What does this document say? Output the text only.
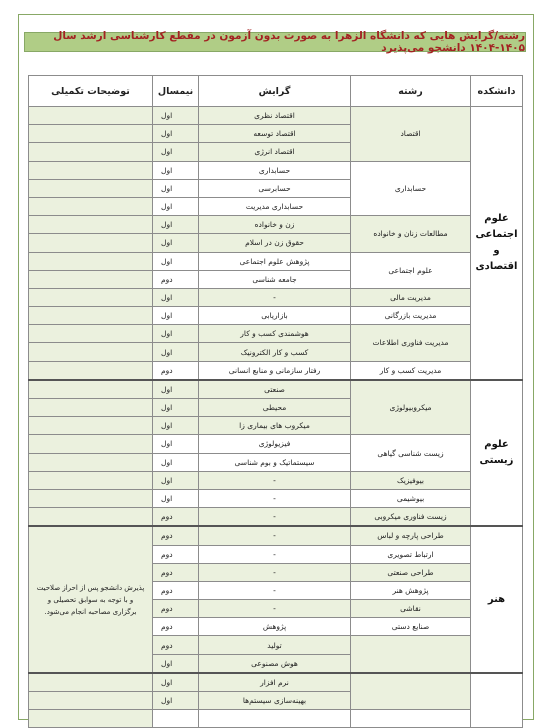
رشته/گرایش هایی که دانشگاه الزهرا به صورت بدون آزمون در مقطع کارشناسی ارشد سال ۱۴۰۵-۱۴۰۴ دانشجو می‌پذیرد
دانشکده	رشته	گرایش	نیمسال	توضیحات تکمیلی
علوم اجتماعی و اقتصادی	اقتصاد	اقتصاد نظری	اول	
		اقتصاد توسعه	اول	
		اقتصاد انرژی	اول	
	حسابداری	حسابداری	اول	
		حسابرسی	اول	
		حسابداری مدیریت	اول	
	مطالعات زنان و خانواده	زن و خانواده	اول	
		حقوق زن در اسلام	اول	
	علوم اجتماعی	پژوهش علوم اجتماعی	اول	
		جامعه شناسی	دوم	
	مدیریت مالی	-	اول	
	مدیریت بازرگانی	بازاریابی	اول	
	مدیریت فناوری اطلاعات	هوشمندی کسب و کار	اول	
		کسب و کار الکترونیک	اول	
	مدیریت کسب و کار	رفتار سازمانی و منابع انسانی	دوم	
علوم زیستی	میکروبیولوژی	صنعتی	اول	
		محیطی	اول	
		میکروب های بیماری زا	اول	
	زیست شناسی گیاهی	فیزیولوژی	اول	
		سیستماتیک و بوم شناسی	اول	
	بیوفیزیک	-	اول	
	بیوشیمی	-	اول	
	زیست فناوری میکروبی	-	دوم	
هنر	طراحی پارچه و لباس	-	دوم	پذیرش دانشجو پس از احراز صلاحیت و با توجه به سوابق تحصیلی و برگزاری مصاحبه انجام می‌شود.
	ارتباط تصویری	-	دوم	
	طراحی صنعتی	-	دوم	
	پژوهش هنر	-	دوم	
	نقاشی	-	دوم	
	صنایع دستی	پژوهش	دوم	
		تولید	دوم	
		هوش مصنوعی	اول	
		نرم افزار	اول	
		بهینه‌سازی سیستم‌ها	اول	
